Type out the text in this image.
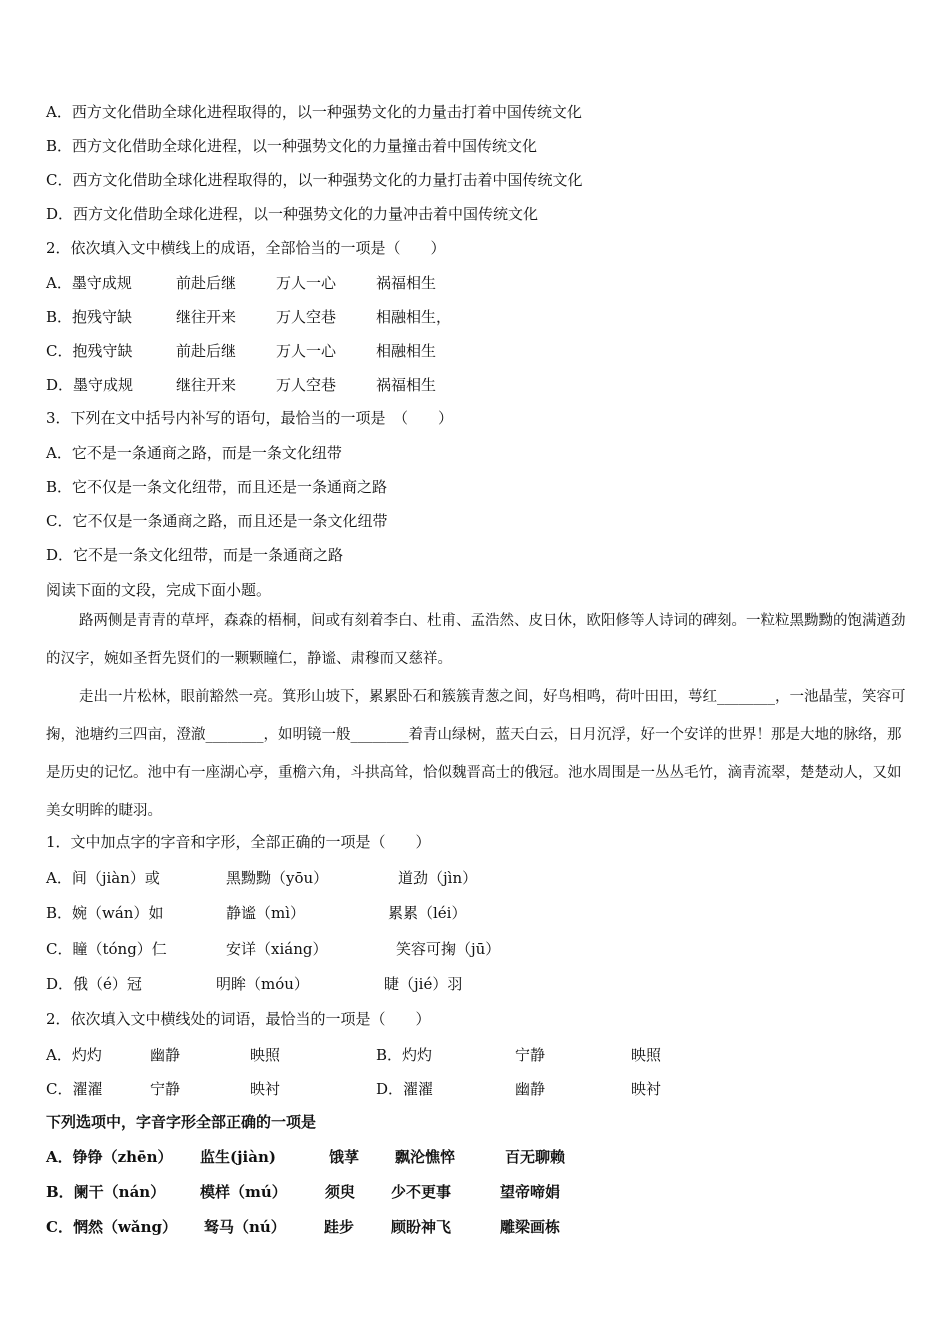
A．西方文化借助全球化进程取得的，以一种强势文化的力量击打着中国传统文化
B．西方文化借助全球化进程，以一种强势文化的力量撞击着中国传统文化
C．西方文化借助全球化进程取得的，以一种强势文化的力量打击着中国传统文化
D．西方文化借助全球化进程，以一种强势文化的力量冲击着中国传统文化
2．依次填入文中横线上的成语，全部恰当的一项是（　　）
A．墨守成规	前赴后继	万人一心	祸福相生
B．抱残守缺	继往开来	万人空巷	相融相生，
C．抱残守缺	前赴后继	万人一心	相融相生
D．墨守成规	继往开来	万人空巷	祸福相生
3．下列在文中括号内补写的语句，最恰当的一项是　（　　）
A．它不是一条通商之路，而是一条文化纽带
B．它不仅是一条文化纽带，而且还是一条通商之路
C．它不仅是一条通商之路，而且还是一条文化纽带
D．它不是一条文化纽带，而是一条通商之路
阅读下面的文段，完成下面小题。

路两侧是青青的草坪，森森的梧桐，间或有刻着李白、杜甫、孟浩然、皮日休，欧阳修等人诗词的碑刻。一粒粒黑黝黝的饱满遒劲的汉字，婉如圣哲先贤们的一颗颗瞳仁，静谧、肃穆而又慈祥。

走出一片松林，眼前豁然一亮。箕形山坡下，累累卧石和簇簇青葱之间，好鸟相鸣，荷叶田田，萼红________，一池晶莹，笑容可掬，池塘约三四亩，澄澈________，如明镜一般________着青山绿树，蓝天白云，日月沉浮，好一个安详的世界！那是大地的脉络，那是历史的记忆。池中有一座湖心亭，重檐六角，斗拱高耸，恰似魏晋高士的俄冠。池水周围是一丛丛毛竹，滴青流翠，楚楚动人，又如美女明眸的睫羽。

1．文中加点字的字音和字形，全部正确的一项是（　　）
A．间（jiàn）或	黑黝黝（yōu）	道劲（jìn）
B．婉（wán）如	静谧（mì）	累累（léi）
C．瞳（tóng）仁	安详（xiáng）	笑容可掬（jū）
D．俄（é）冠	明眸（móu）	睫（jié）羽
2．依次填入文中横线处的词语，最恰当的一项是（　　）
A．灼灼	幽静	映照	B．灼灼	宁静	映照
C．濯濯	宁静	映衬	D．濯濯	幽静	映衬
下列选项中，字音字形全部正确的一项是
A．铮铮（zhēn） 监生(jiàn)	饿莩 飘沦憔悴	百无聊赖
B．阑干（nán） 模样（mú）	须臾 少不更事	望帝啼娟
C．惘然（wǎng） 驽马（nú）	跬步 顾盼神飞	雕梁画栋
